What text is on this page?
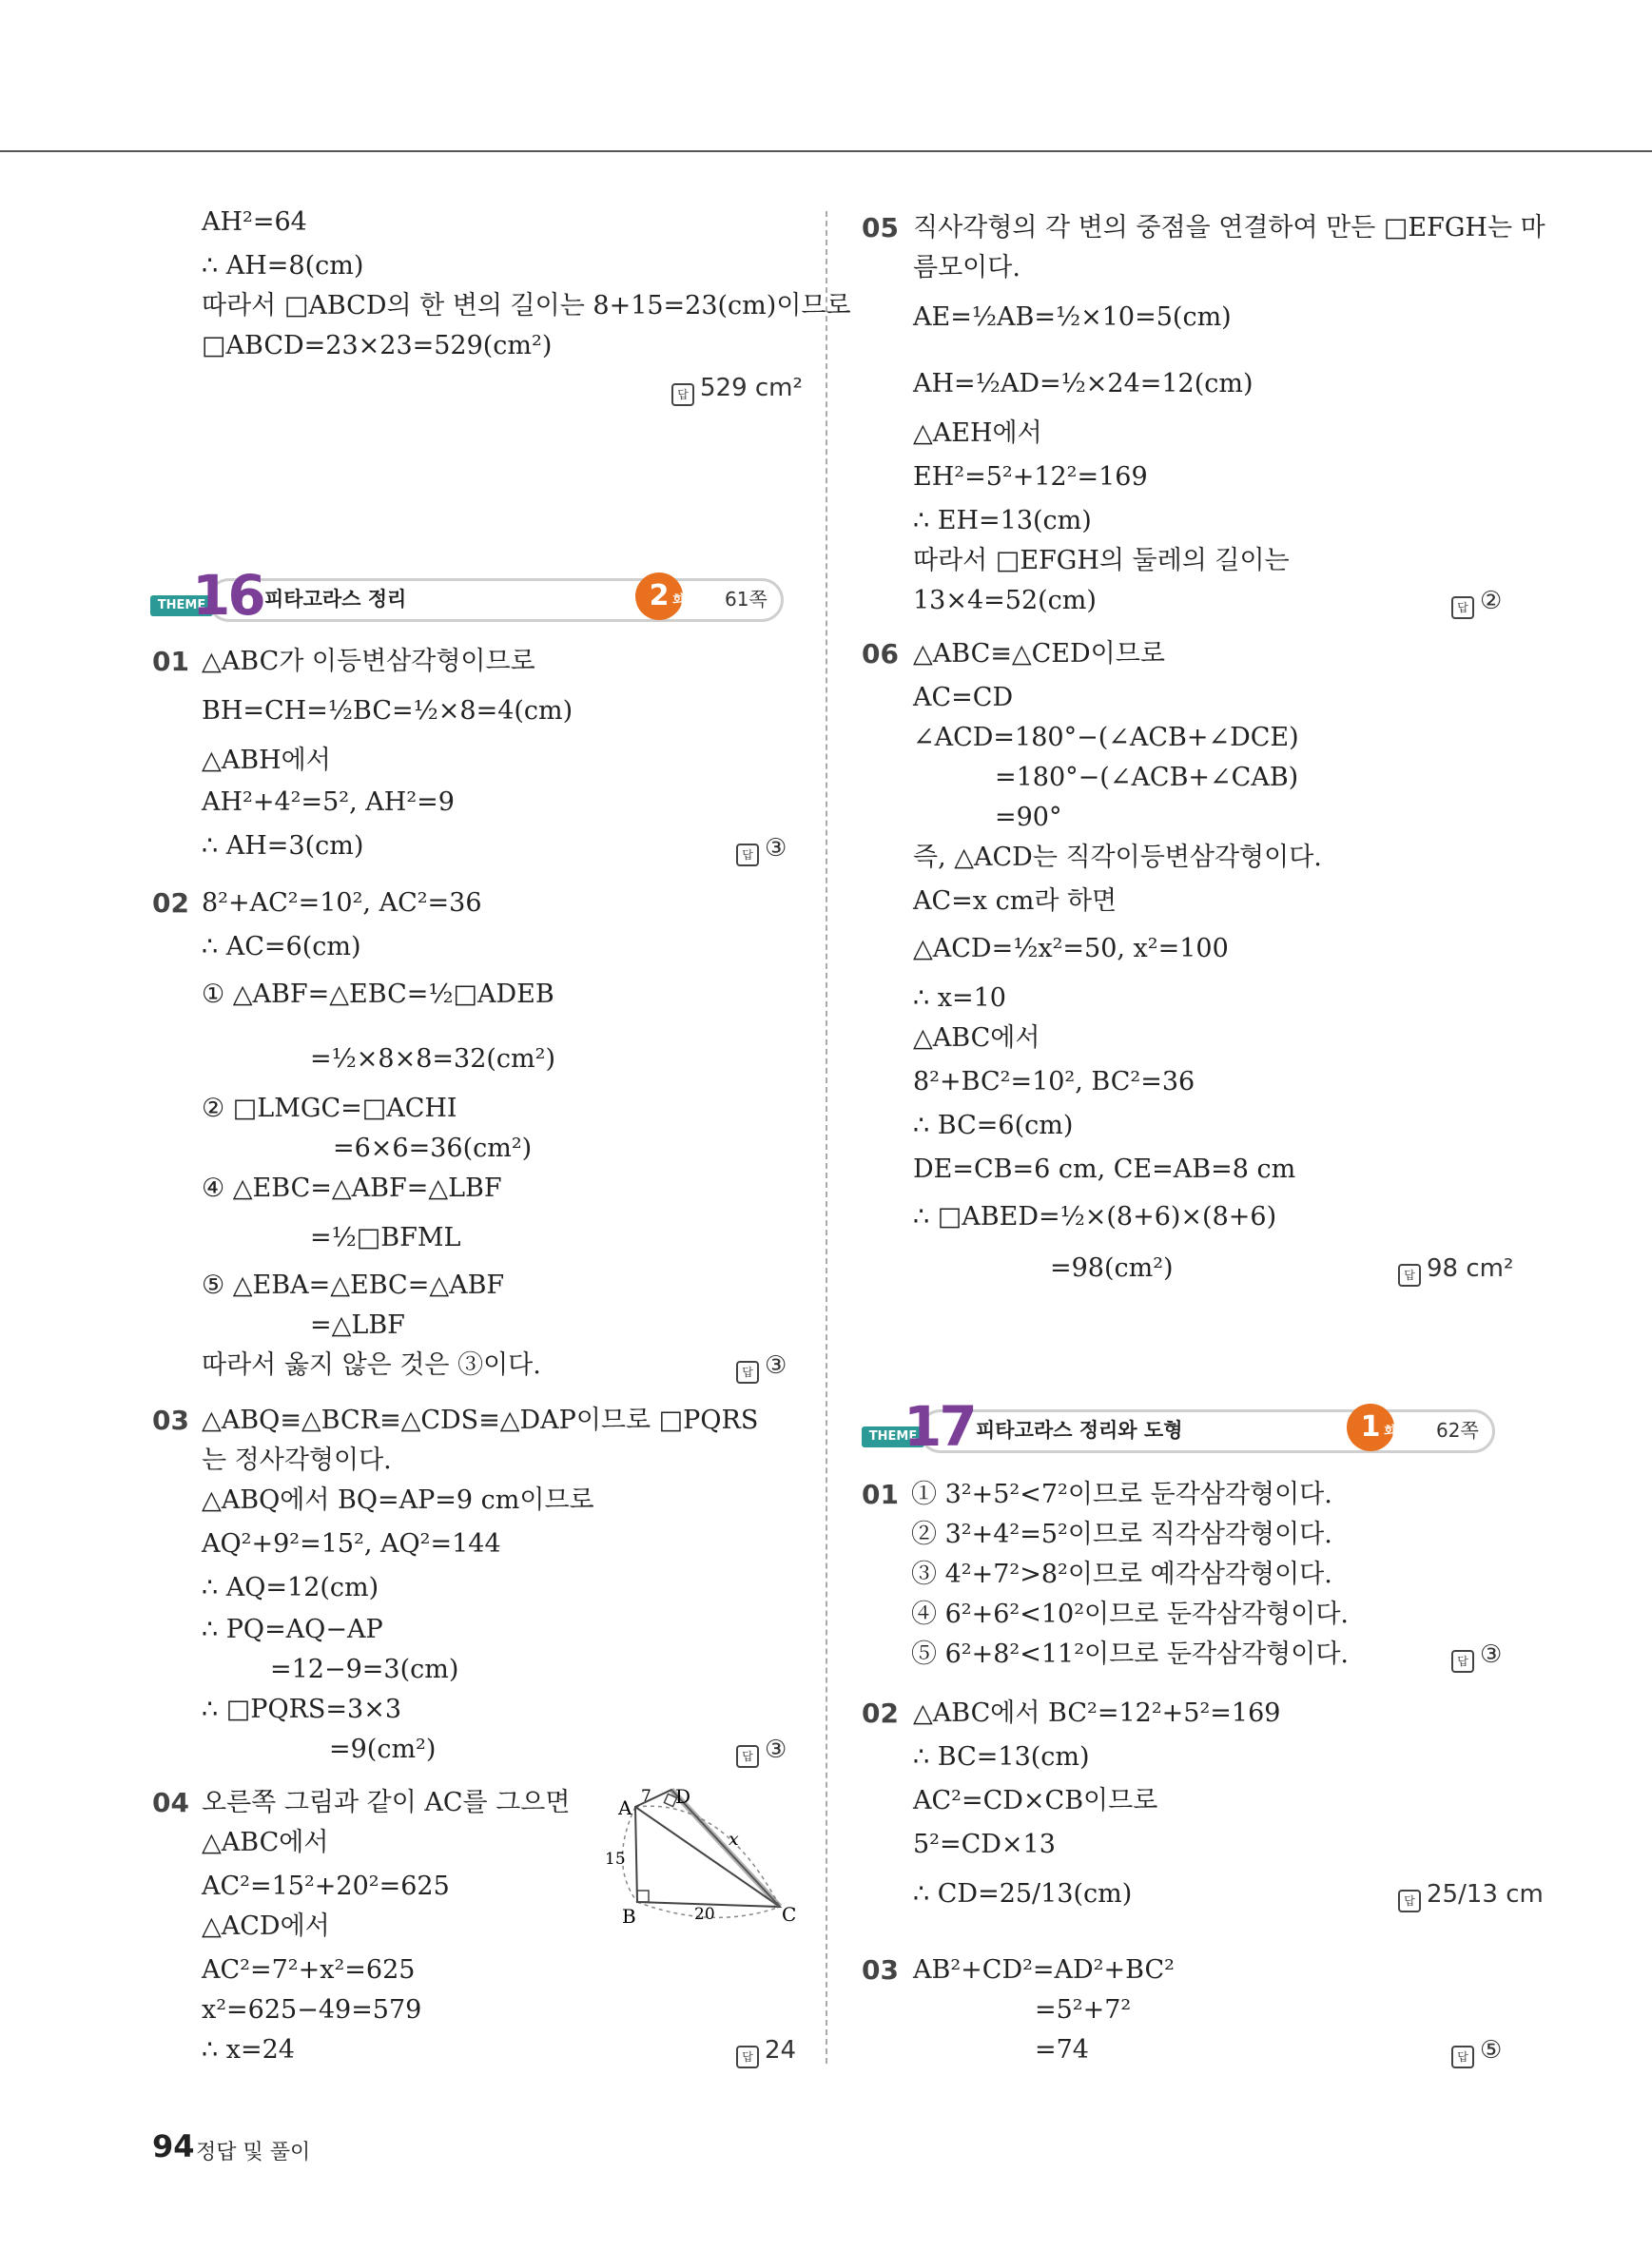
AH²=64
∴ AH=8(cm)
따라서 □ABCD의 한 변의 길이는 8+15=23(cm)이므로
□ABCD=23×23=529(cm²)
답 529 cm²
THEME
16 피타고라스 정리	2 회 61쪽
01 △ABC가 이등변삼각형이므로
BH=CH=½BC=½×8=4(cm)
△ABH에서
AH²+4²=5², AH²=9
∴ AH=3(cm)	답 ③
02 8²+AC²=10², AC²=36
∴ AC=6(cm)
① △ABF=△EBC=½□ADEB
=½×8×8=32(cm²)
② □LMGC=□ACHI
=6×6=36(cm²)
④ △EBC=△ABF=△LBF
=½□BFML
⑤ △EBA=△EBC=△ABF
=△LBF
따라서 옳지 않은 것은 ③이다.	답 ③
03 △ABQ≡△BCR≡△CDS≡△DAP이므로 □PQRS
는 정사각형이다.
△ABQ에서 BQ=AP=9 cm이므로
AQ²+9²=15², AQ²=144
∴ AQ=12(cm)
∴ PQ=AQ−AP
=12−9=3(cm)
∴ □PQRS=3×3
=9(cm²)	답 ③
04 오른쪽 그림과 같이 AC를 그으면
△ABC에서
AC²=15²+20²=625
△ACD에서
AC²=7²+x²=625
x²=625−49=579
∴ x=24	답 24
A D
B	C
15
20
7
x
05 직사각형의 각 변의 중점을 연결하여 만든 □EFGH는 마
름모이다.
AE=½AB=½×10=5(cm)
AH=½AD=½×24=12(cm)
△AEH에서
EH²=5²+12²=169
∴ EH=13(cm)
따라서 □EFGH의 둘레의 길이는
13×4=52(cm)	답 ②
06 △ABC≡△CED이므로
AC=CD
∠ACD=180°−(∠ACB+∠DCE)
=180°−(∠ACB+∠CAB)
=90°
즉, △ACD는 직각이등변삼각형이다.
AC=x cm라 하면
△ACD=½x²=50, x²=100
∴ x=10
△ABC에서
8²+BC²=10², BC²=36
∴ BC=6(cm)
DE=CB=6 cm, CE=AB=8 cm
∴ □ABED=½×(8+6)×(8+6)
=98(cm²)	답 98 cm²
THEME
17 피타고라스 정리와 도형	1 회 62쪽
01 ① 3²+5²<7²이므로 둔각삼각형이다.
② 3²+4²=5²이므로 직각삼각형이다.
③ 4²+7²>8²이므로 예각삼각형이다.
④ 6²+6²<10²이므로 둔각삼각형이다.
⑤ 6²+8²<11²이므로 둔각삼각형이다.	답 ③
02 △ABC에서 BC²=12²+5²=169
∴ BC=13(cm)
AC²=CD×CB이므로
5²=CD×13
∴ CD=25/13(cm)	답 25/13 cm
03 AB²+CD²=AD²+BC²
=5²+7²
=74	답 ⑤
94 정답 및 풀이
